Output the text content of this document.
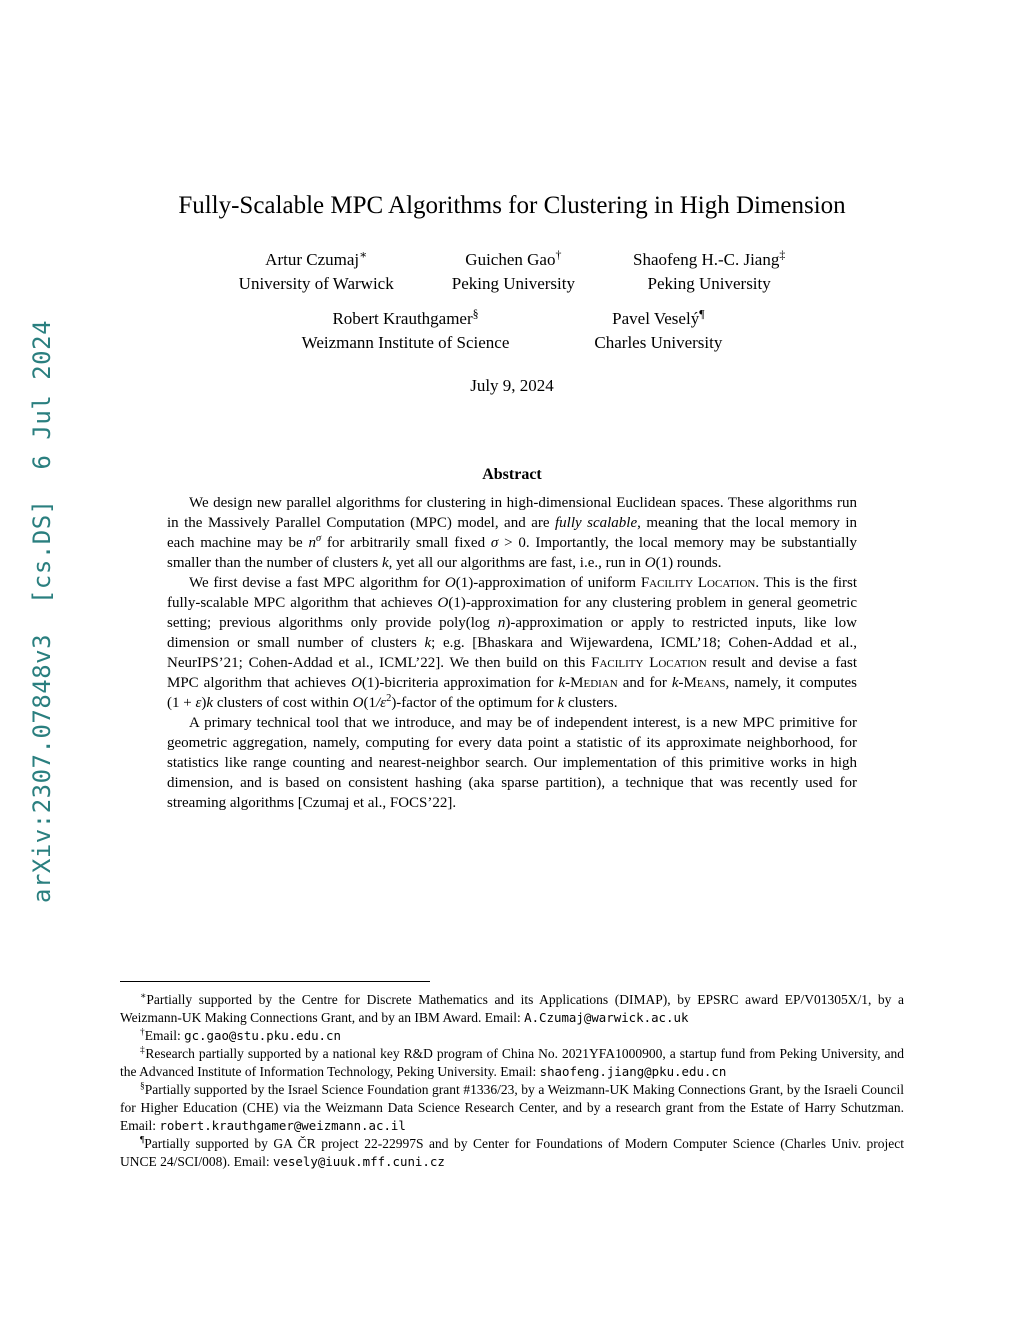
arXiv:2307.07848v3  [cs.DS]  6 Jul 2024
Fully-Scalable MPC Algorithms for Clustering in High Dimension
Artur Czumaj∗
University of Warwick
Guichen Gao†
Peking University
Shaofeng H.-C. Jiang‡
Peking University
Robert Krauthgamer§
Weizmann Institute of Science
Pavel Veselý¶
Charles University
July 9, 2024
Abstract

We design new parallel algorithms for clustering in high-dimensional Euclidean spaces. These algorithms run in the Massively Parallel Computation (MPC) model, and are fully scalable, meaning that the local memory in each machine may be $n^\sigma$ for arbitrarily small fixed σ > 0. Importantly, the local memory may be substantially smaller than the number of clusters k, yet all our algorithms are fast, i.e., run in O(1) rounds.

We first devise a fast MPC algorithm for O(1)-approximation of uniform Facility Location. This is the first fully-scalable MPC algorithm that achieves O(1)-approximation for any clustering problem in general geometric setting; previous algorithms only provide poly(log n)-approximation or apply to restricted inputs, like low dimension or small number of clusters k; e.g. [Bhaskara and Wijewardena, ICML’18; Cohen-Addad et al., NeurIPS’21; Cohen-Addad et al., ICML’22]. We then build on this Facility Location result and devise a fast MPC algorithm that achieves O(1)-bicriteria approximation for k-Median and for k-Means, namely, it computes (1 + ε)k clusters of cost within $O(1/\varepsilon^2)$-factor of the optimum for k clusters.

A primary technical tool that we introduce, and may be of independent interest, is a new MPC primitive for geometric aggregation, namely, computing for every data point a statistic of its approximate neighborhood, for statistics like range counting and nearest-neighbor search. Our implementation of this primitive works in high dimension, and is based on consistent hashing (aka sparse partition), a technique that was recently used for streaming algorithms [Czumaj et al., FOCS’22].

∗Partially supported by the Centre for Discrete Mathematics and its Applications (DIMAP), by EPSRC award EP/V01305X/1, by a Weizmann-UK Making Connections Grant, and by an IBM Award. Email: A.Czumaj@warwick.ac.uk

†Email: gc.gao@stu.pku.edu.cn

‡Research partially supported by a national key R&D program of China No. 2021YFA1000900, a startup fund from Peking University, and the Advanced Institute of Information Technology, Peking University. Email: shaofeng.jiang@pku.edu.cn

§Partially supported by the Israel Science Foundation grant #1336/23, by a Weizmann-UK Making Connections Grant, by the Israeli Council for Higher Education (CHE) via the Weizmann Data Science Research Center, and by a research grant from the Estate of Harry Schutzman. Email: robert.krauthgamer@weizmann.ac.il

¶Partially supported by GA ČR project 22-22997S and by Center for Foundations of Modern Computer Science (Charles Univ. project UNCE 24/SCI/008). Email: vesely@iuuk.mff.cuni.cz
